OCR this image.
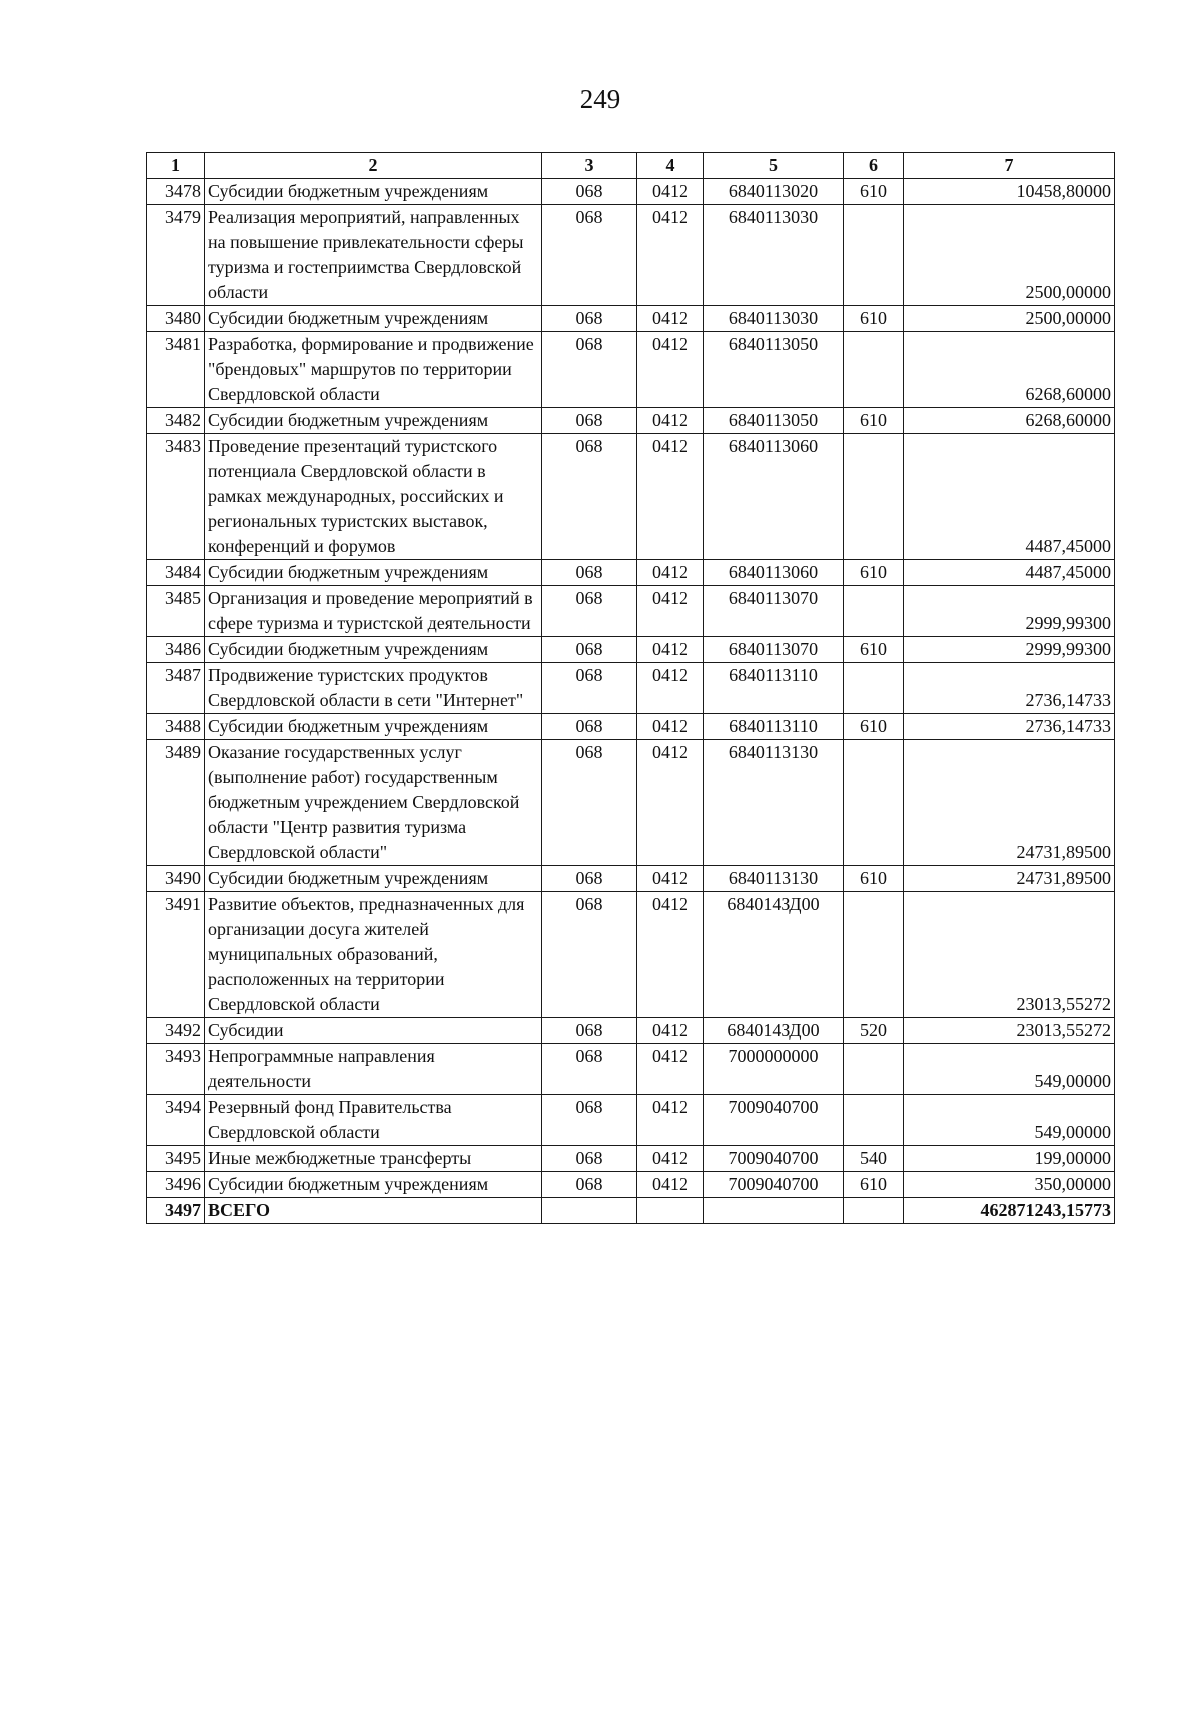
249
1	2	3	4	5	6	7
3478	Субсидии бюджетным учреждениям	068	0412	6840113020	610	10458,80000
3479	Реализация мероприятий, направленных на повышение привлекательности сферы туризма и гостеприимства Свердловской области	068	0412	6840113030		2500,00000
3480	Субсидии бюджетным учреждениям	068	0412	6840113030	610	2500,00000
3481	Разработка, формирование и продвижение "брендовых" маршрутов по территории Свердловской области	068	0412	6840113050		6268,60000
3482	Субсидии бюджетным учреждениям	068	0412	6840113050	610	6268,60000
3483	Проведение презентаций туристского потенциала Свердловской области в рамках международных, российских и региональных туристских выставок, конференций и форумов	068	0412	6840113060		4487,45000
3484	Субсидии бюджетным учреждениям	068	0412	6840113060	610	4487,45000
3485	Организация и проведение мероприятий в сфере туризма и туристской деятельности	068	0412	6840113070		2999,99300
3486	Субсидии бюджетным учреждениям	068	0412	6840113070	610	2999,99300
3487	Продвижение туристских продуктов Свердловской области в сети "Интернет"	068	0412	6840113110		2736,14733
3488	Субсидии бюджетным учреждениям	068	0412	6840113110	610	2736,14733
3489	Оказание государственных услуг (выполнение работ) государственным бюджетным учреждением Свердловской области "Центр развития туризма Свердловской области"	068	0412	6840113130		24731,89500
3490	Субсидии бюджетным учреждениям	068	0412	6840113130	610	24731,89500
3491	Развитие объектов, предназначенных для организации досуга жителей муниципальных образований, расположенных на территории Свердловской области	068	0412	684014ЗД00		23013,55272
3492	Субсидии	068	0412	684014ЗД00	520	23013,55272
3493	Непрограммные направления деятельности	068	0412	7000000000		549,00000
3494	Резервный фонд Правительства Свердловской области	068	0412	7009040700		549,00000
3495	Иные межбюджетные трансферты	068	0412	7009040700	540	199,00000
3496	Субсидии бюджетным учреждениям	068	0412	7009040700	610	350,00000
3497	ВСЕГО					462871243,15773
